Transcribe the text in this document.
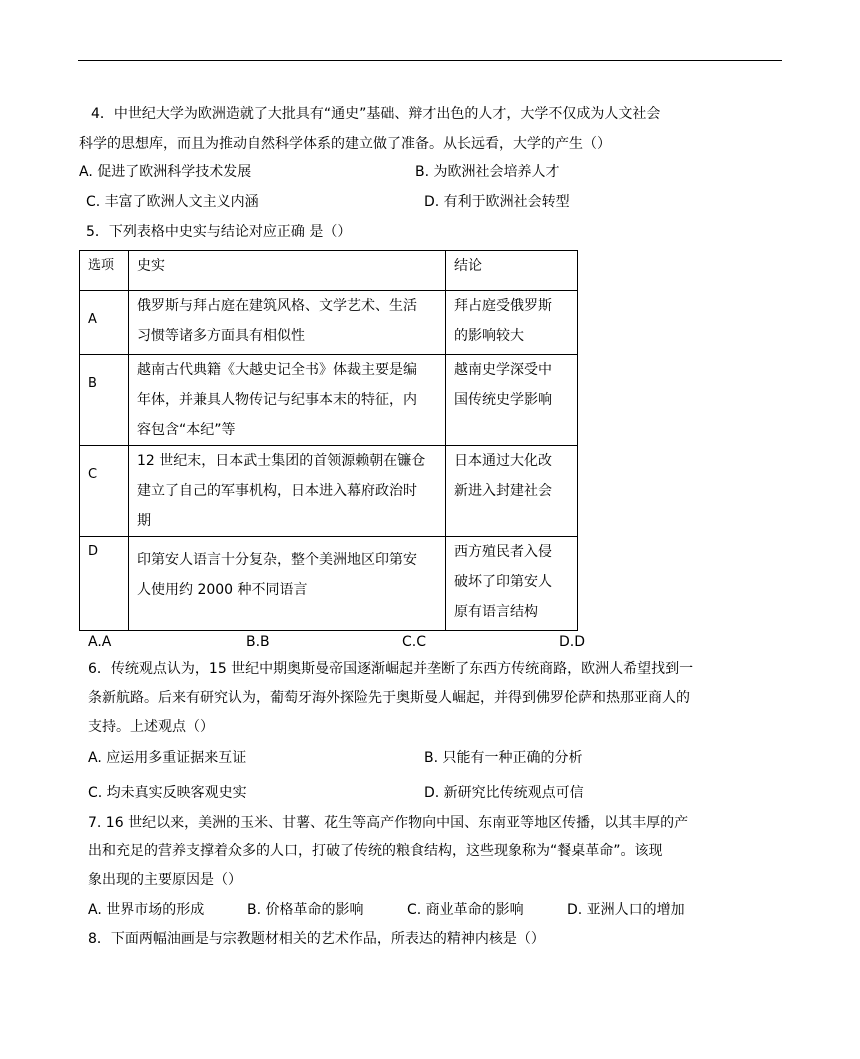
4．中世纪大学为欧洲造就了大批具有“通史”基础、辩才出色的人才，大学不仅成为人文社会
科学的思想库，而且为推动自然科学体系的建立做了准备。从长远看，大学的产生（）
A. 促进了欧洲科学技术发展	B. 为欧洲社会培养人才
C. 丰富了欧洲人文主义内涵	D. 有利于欧洲社会转型
5．下列表格中史实与结论对应正确 是（）
选项	史实	结论
A	俄罗斯与拜占庭在建筑风格、文学艺术、生活
习惯等诸多方面具有相似性	拜占庭受俄罗斯
的影响较大

B	越南古代典籍《大越史记全书》体裁主要是编
年体，并兼具人物传记与纪事本末的特征，内
容包含“本纪”等	越南史学深受中
国传统史学影响

C	12 世纪末，日本武士集团的首领源赖朝在镰仓
建立了自己的军事机构，日本进入幕府政治时
期	日本通过大化改
新进入封建社会

D	印第安人语言十分复杂，整个美洲地区印第安
人使用约 2000 种不同语言	西方殖民者入侵
破坏了印第安人
原有语言结构
A.A	B.B	C.C	D.D
6．传统观点认为，15 世纪中期奥斯曼帝国逐渐崛起并垄断了东西方传统商路，欧洲人希望找到一
条新航路。后来有研究认为，葡萄牙海外探险先于奥斯曼人崛起，并得到佛罗伦萨和热那亚商人的
支持。上述观点（）
A. 应运用多重证据来互证	B. 只能有一种正确的分析
C. 均未真实反映客观史实	D. 新研究比传统观点可信
7. 16 世纪以来，美洲的玉米、甘薯、花生等高产作物向中国、东南亚等地区传播，以其丰厚的产
出和充足的营养支撑着众多的人口，打破了传统的粮食结构，这些现象称为“餐桌革命”。该现
象出现的主要原因是（）
A. 世界市场的形成	B. 价格革命的影响	C. 商业革命的影响	D. 亚洲人口的增加
8．下面两幅油画是与宗教题材相关的艺术作品，所表达的精神内核是（）
